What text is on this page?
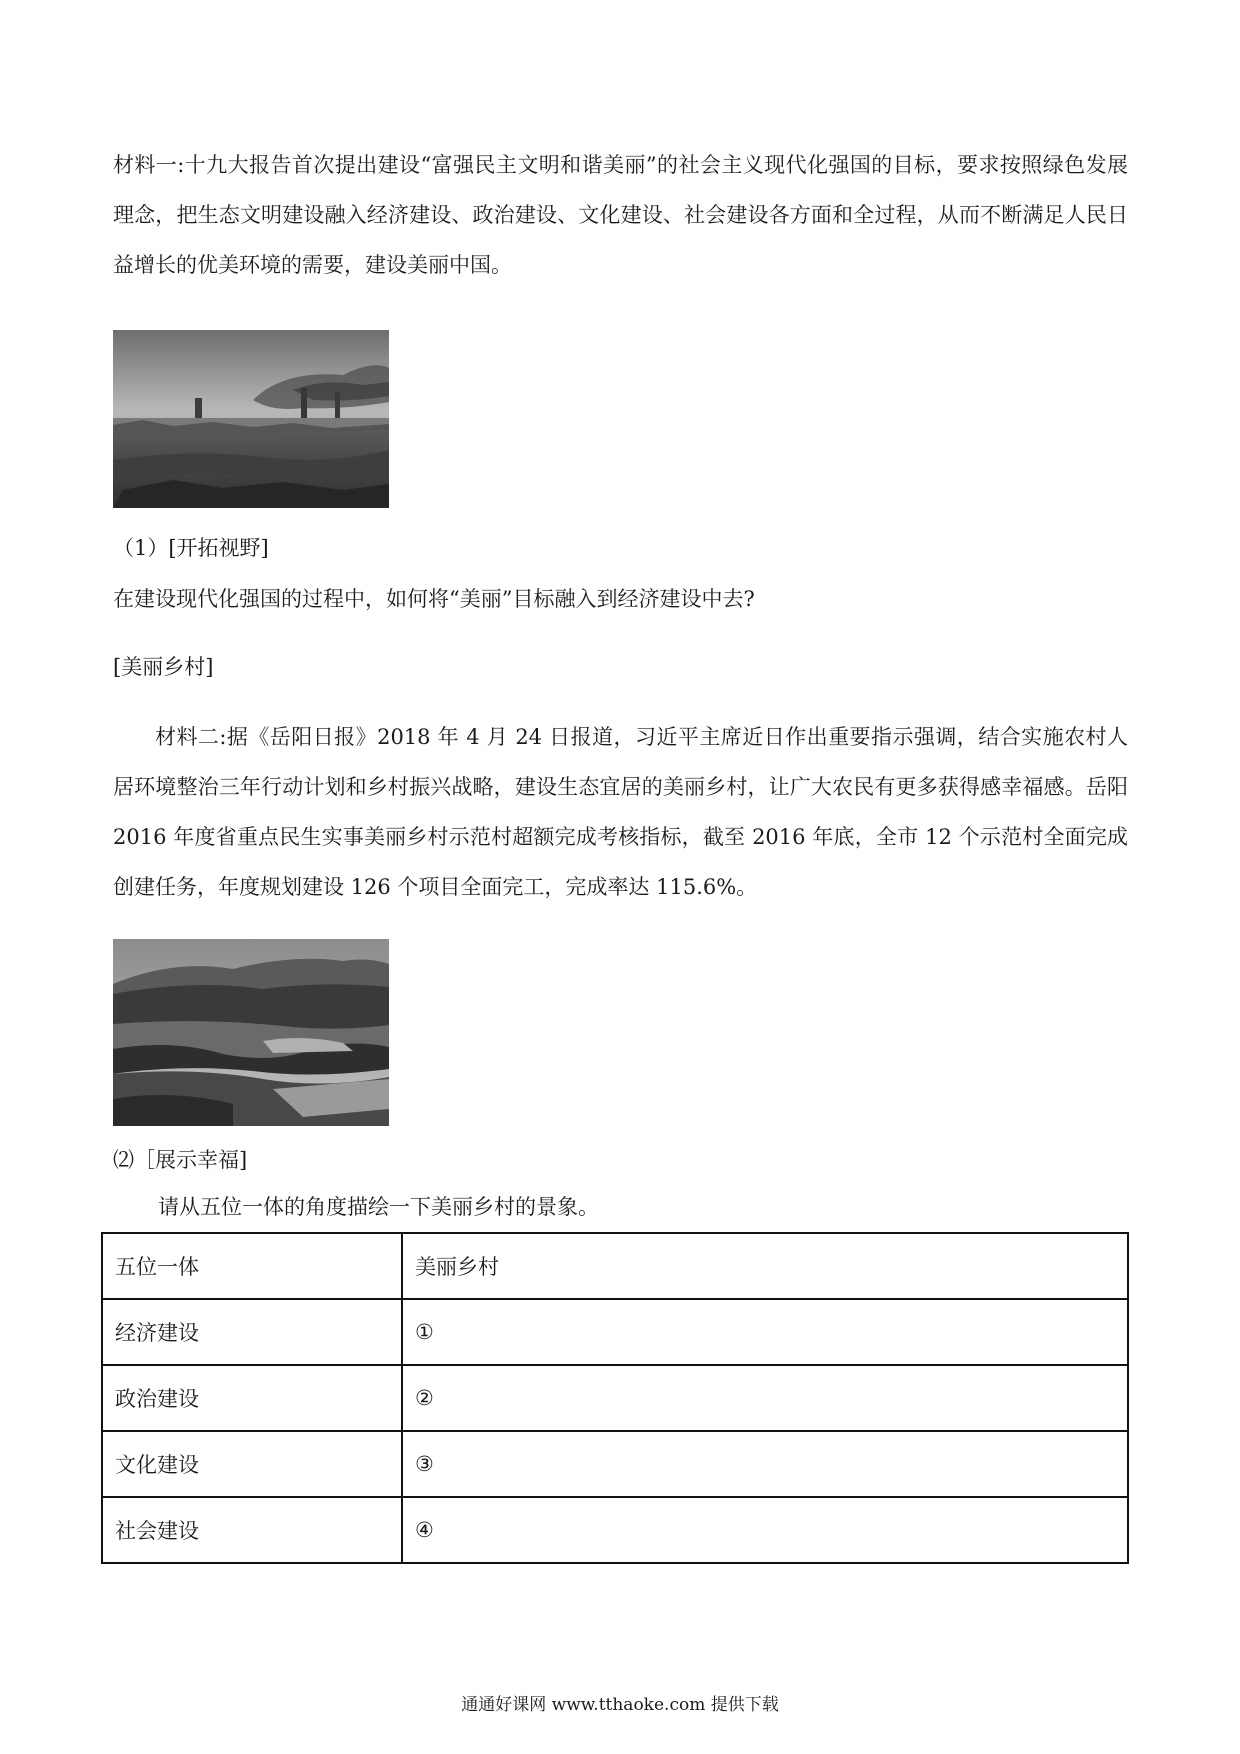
材料一:十九大报告首次提出建设“富强民主文明和谐美丽”的社会主义现代化强国的目标，要求按照绿色发展理念，把生态文明建设融入经济建设、政治建设、文化建设、社会建设各方面和全过程，从而不断满足人民日益增长的优美环境的需要，建设美丽中国。

（1）[开拓视野]

在建设现代化强国的过程中，如何将“美丽”目标融入到经济建设中去?

[美丽乡村]

材料二:据《岳阳日报》2018 年 4 月 24 日报道，习近平主席近日作出重要指示强调，结合实施农村人居环境整治三年行动计划和乡村振兴战略，建设生态宜居的美丽乡村，让广大农民有更多获得感幸福感。岳阳 2016 年度省重点民生实事美丽乡村示范村超额完成考核指标，截至 2016 年底，全市 12 个示范村全面完成创建任务，年度规划建设 126 个项目全面完工，完成率达 115.6%。

⑵［展示幸福]

请从五位一体的角度描绘一下美丽乡村的景象。

五位一体	美丽乡村
经济建设	①
政治建设	②
文化建设	③
社会建设	④
通通好课网 www.tthaoke.com 提供下载
